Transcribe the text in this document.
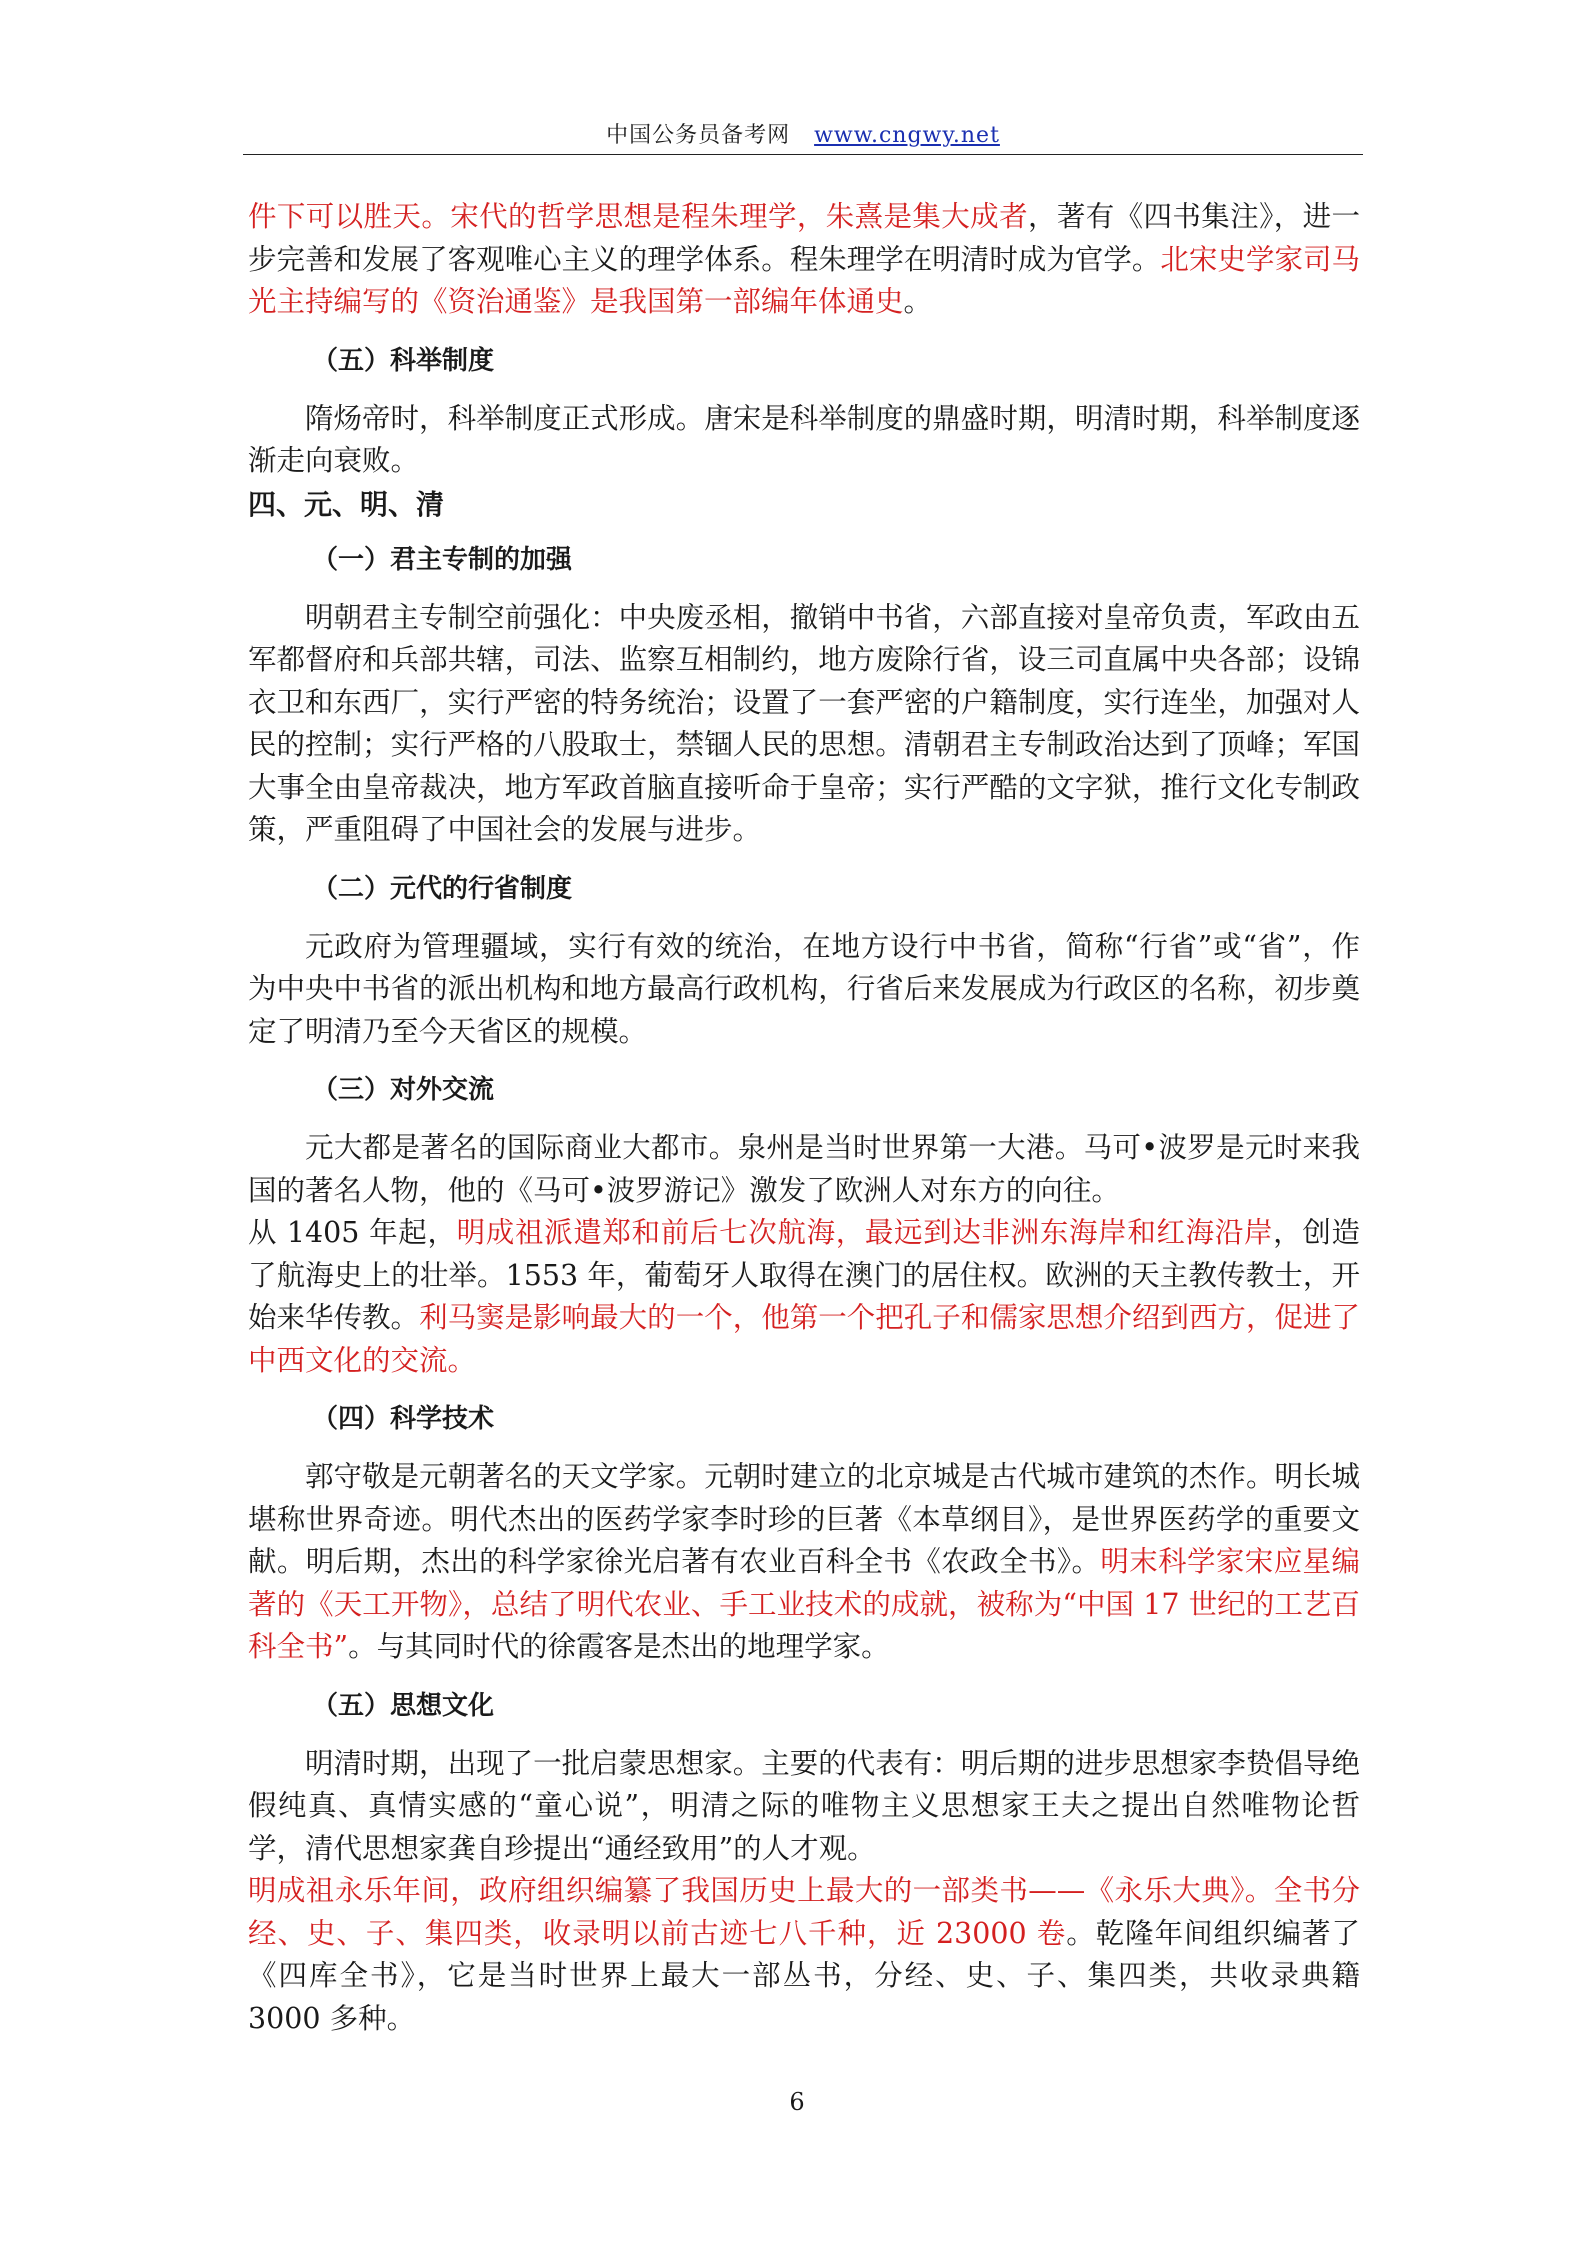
中国公务员备考网 www.cngwy.net

件下可以胜天。宋代的哲学思想是程朱理学，朱熹是集大成者，著有《四书集注》，进一步完善和发展了客观唯心主义的理学体系。程朱理学在明清时成为官学。北宋史学家司马光主持编写的《资治通鉴》是我国第一部编年体通史。

（五）科举制度

隋炀帝时，科举制度正式形成。唐宋是科举制度的鼎盛时期，明清时期，科举制度逐渐走向衰败。

四、元、明、清
（一）君主专制的加强

明朝君主专制空前强化：中央废丞相，撤销中书省，六部直接对皇帝负责，军政由五军都督府和兵部共辖，司法、监察互相制约，地方废除行省，设三司直属中央各部；设锦衣卫和东西厂，实行严密的特务统治；设置了一套严密的户籍制度，实行连坐，加强对人民的控制；实行严格的八股取士，禁锢人民的思想。清朝君主专制政治达到了顶峰；军国大事全由皇帝裁决，地方军政首脑直接听命于皇帝；实行严酷的文字狱，推行文化专制政策，严重阻碍了中国社会的发展与进步。

（二）元代的行省制度

元政府为管理疆域，实行有效的统治，在地方设行中书省，简称“行省”或“省”，作为中央中书省的派出机构和地方最高行政机构，行省后来发展成为行政区的名称，初步奠定了明清乃至今天省区的规模。

（三）对外交流

元大都是著名的国际商业大都市。泉州是当时世界第一大港。马可•波罗是元时来我国的著名人物，他的《马可•波罗游记》激发了欧洲人对东方的向往。

从 1405 年起，明成祖派遣郑和前后七次航海，最远到达非洲东海岸和红海沿岸，创造了航海史上的壮举。1553 年，葡萄牙人取得在澳门的居住权。欧洲的天主教传教士，开始来华传教。利马窦是影响最大的一个，他第一个把孔子和儒家思想介绍到西方，促进了中西文化的交流。

（四）科学技术

郭守敬是元朝著名的天文学家。元朝时建立的北京城是古代城市建筑的杰作。明长城堪称世界奇迹。明代杰出的医药学家李时珍的巨著《本草纲目》，是世界医药学的重要文献。明后期，杰出的科学家徐光启著有农业百科全书《农政全书》。明末科学家宋应星编著的《天工开物》，总结了明代农业、手工业技术的成就，被称为“中国 17 世纪的工艺百科全书”。与其同时代的徐霞客是杰出的地理学家。

（五）思想文化

明清时期，出现了一批启蒙思想家。主要的代表有：明后期的进步思想家李贽倡导绝假纯真、真情实感的“童心说”，明清之际的唯物主义思想家王夫之提出自然唯物论哲学，清代思想家龚自珍提出“通经致用”的人才观。

明成祖永乐年间，政府组织编纂了我国历史上最大的一部类书——《永乐大典》。全书分经、史、子、集四类，收录明以前古迹七八千种，近 23000 卷。乾隆年间组织编著了《四库全书》，它是当时世界上最大一部丛书，分经、史、子、集四类，共收录典籍 3000 多种。

6
